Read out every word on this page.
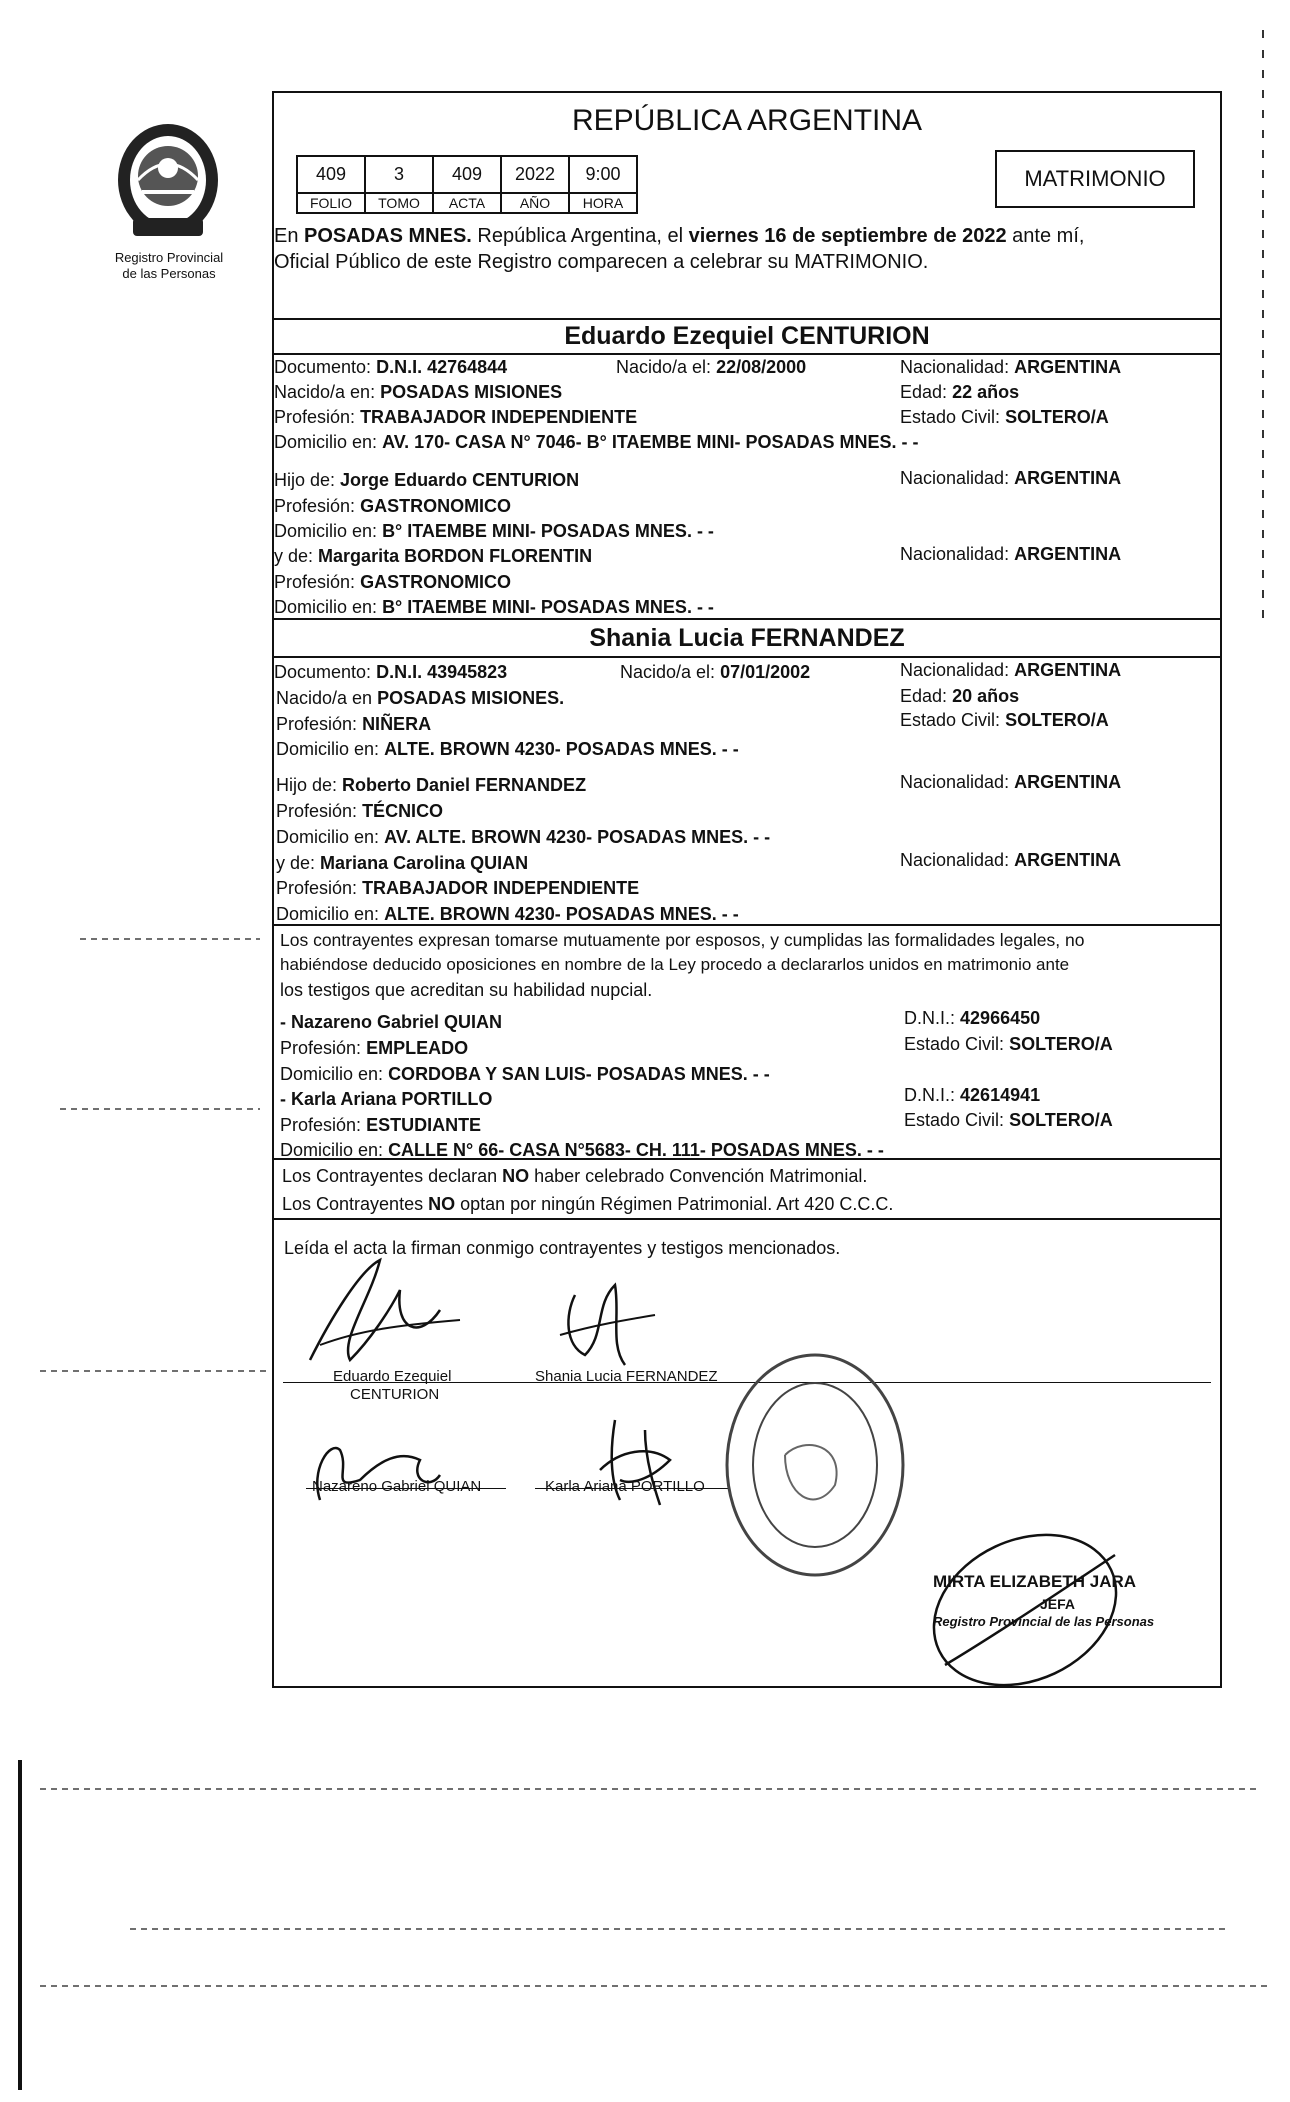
Registro Provincial
de las Personas
REPÚBLICA ARGENTINA
409	3	409	2022	9:00
FOLIO	TOMO	ACTA	AÑO	HORA
MATRIMONIO
En POSADAS MNES. República Argentina, el viernes 16 de septiembre de 2022 ante mí,
Oficial Público de este Registro comparecen a celebrar su MATRIMONIO.
Eduardo Ezequiel CENTURION
Documento: D.N.I. 42764844	Nacido/a el: 22/08/2000	Nacionalidad: ARGENTINA
Nacido/a en: POSADAS MISIONES	Edad: 22 años
Profesión: TRABAJADOR INDEPENDIENTE	Estado Civil: SOLTERO/A
Domicilio en: AV. 170- CASA N° 7046- B° ITAEMBE MINI- POSADAS MNES. - -
Hijo de: Jorge Eduardo CENTURION	Nacionalidad: ARGENTINA
Profesión: GASTRONOMICO
Domicilio en: B° ITAEMBE MINI- POSADAS MNES. - -
y de: Margarita BORDON FLORENTIN	Nacionalidad: ARGENTINA
Profesión: GASTRONOMICO
Domicilio en: B° ITAEMBE MINI- POSADAS MNES. - -
Shania Lucia FERNANDEZ
Documento: D.N.I. 43945823	Nacido/a el: 07/01/2002	Nacionalidad: ARGENTINA
Nacido/a en POSADAS MISIONES.	Edad: 20 años
Profesión: NIÑERA	Estado Civil: SOLTERO/A
Domicilio en: ALTE. BROWN 4230- POSADAS MNES. - -
Hijo de: Roberto Daniel FERNANDEZ	Nacionalidad: ARGENTINA
Profesión: TÉCNICO
Domicilio en: AV. ALTE. BROWN 4230- POSADAS MNES. - -
y de: Mariana Carolina QUIAN	Nacionalidad: ARGENTINA
Profesión: TRABAJADOR INDEPENDIENTE
Domicilio en: ALTE. BROWN 4230- POSADAS MNES. - -
Los contrayentes expresan tomarse mutuamente por esposos, y cumplidas las formalidades legales, no
habiéndose deducido oposiciones en nombre de la Ley procedo a declararlos unidos en matrimonio ante
los testigos que acreditan su habilidad nupcial.
- Nazareno Gabriel QUIAN	D.N.I.: 42966450
Profesión: EMPLEADO	Estado Civil: SOLTERO/A
Domicilio en: CORDOBA Y SAN LUIS- POSADAS MNES. - -
- Karla Ariana PORTILLO	D.N.I.: 42614941
Profesión: ESTUDIANTE	Estado Civil: SOLTERO/A
Domicilio en: CALLE N° 66- CASA N°5683- CH. 111- POSADAS MNES. - -
Los Contrayentes declaran NO haber celebrado Convención Matrimonial.
Los Contrayentes NO optan por ningún Régimen Patrimonial. Art 420 C.C.C.
Leída el acta la firman conmigo contrayentes y testigos mencionados.
Eduardo Ezequiel
CENTURION
Shania Lucia FERNANDEZ
Nazareno Gabriel QUIAN	Karla Ariana PORTILLO
MIRTA ELIZABETH JARA
JEFA
Registro Provincial de las Personas
